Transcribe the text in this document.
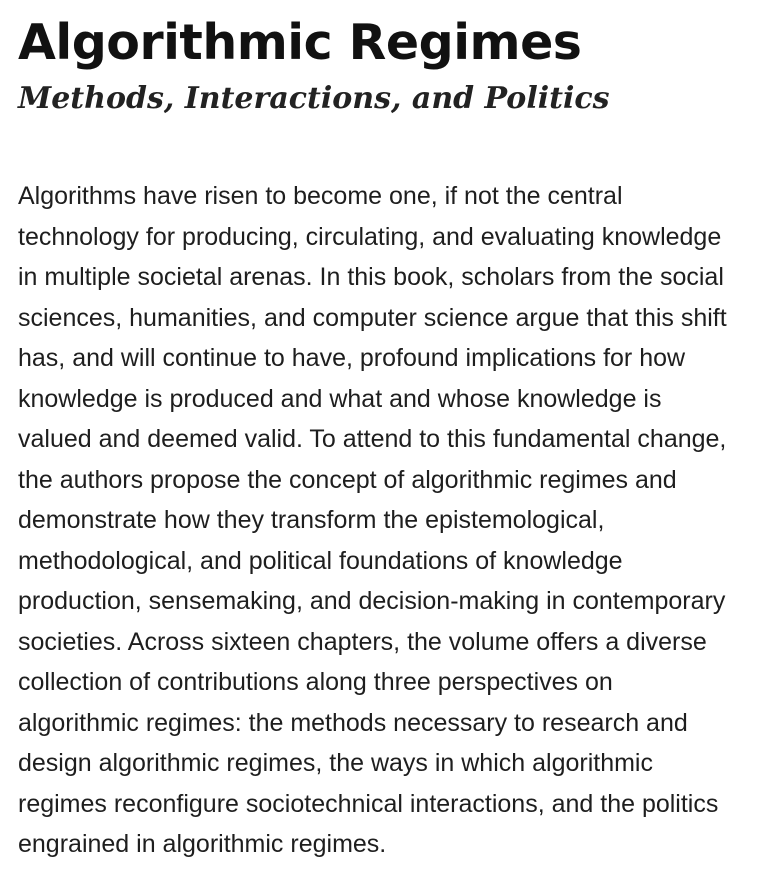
Algorithmic Regimes
Methods, Interactions, and Politics

Algorithms have risen to become one, if not the central
technology for producing, circulating, and evaluating knowledge
in multiple societal arenas. In this book, scholars from the social
sciences, humanities, and computer science argue that this shift
has, and will continue to have, profound implications for how
knowledge is produced and what and whose knowledge is
valued and deemed valid. To attend to this fundamental change,
the authors propose the concept of algorithmic regimes and
demonstrate how they transform the epistemological,
methodological, and political foundations of knowledge
production, sensemaking, and decision-making in contemporary
societies. Across sixteen chapters, the volume offers a diverse
collection of contributions along three perspectives on
algorithmic regimes: the methods necessary to research and
design algorithmic regimes, the ways in which algorithmic
regimes reconfigure sociotechnical interactions, and the politics
engrained in algorithmic regimes.
